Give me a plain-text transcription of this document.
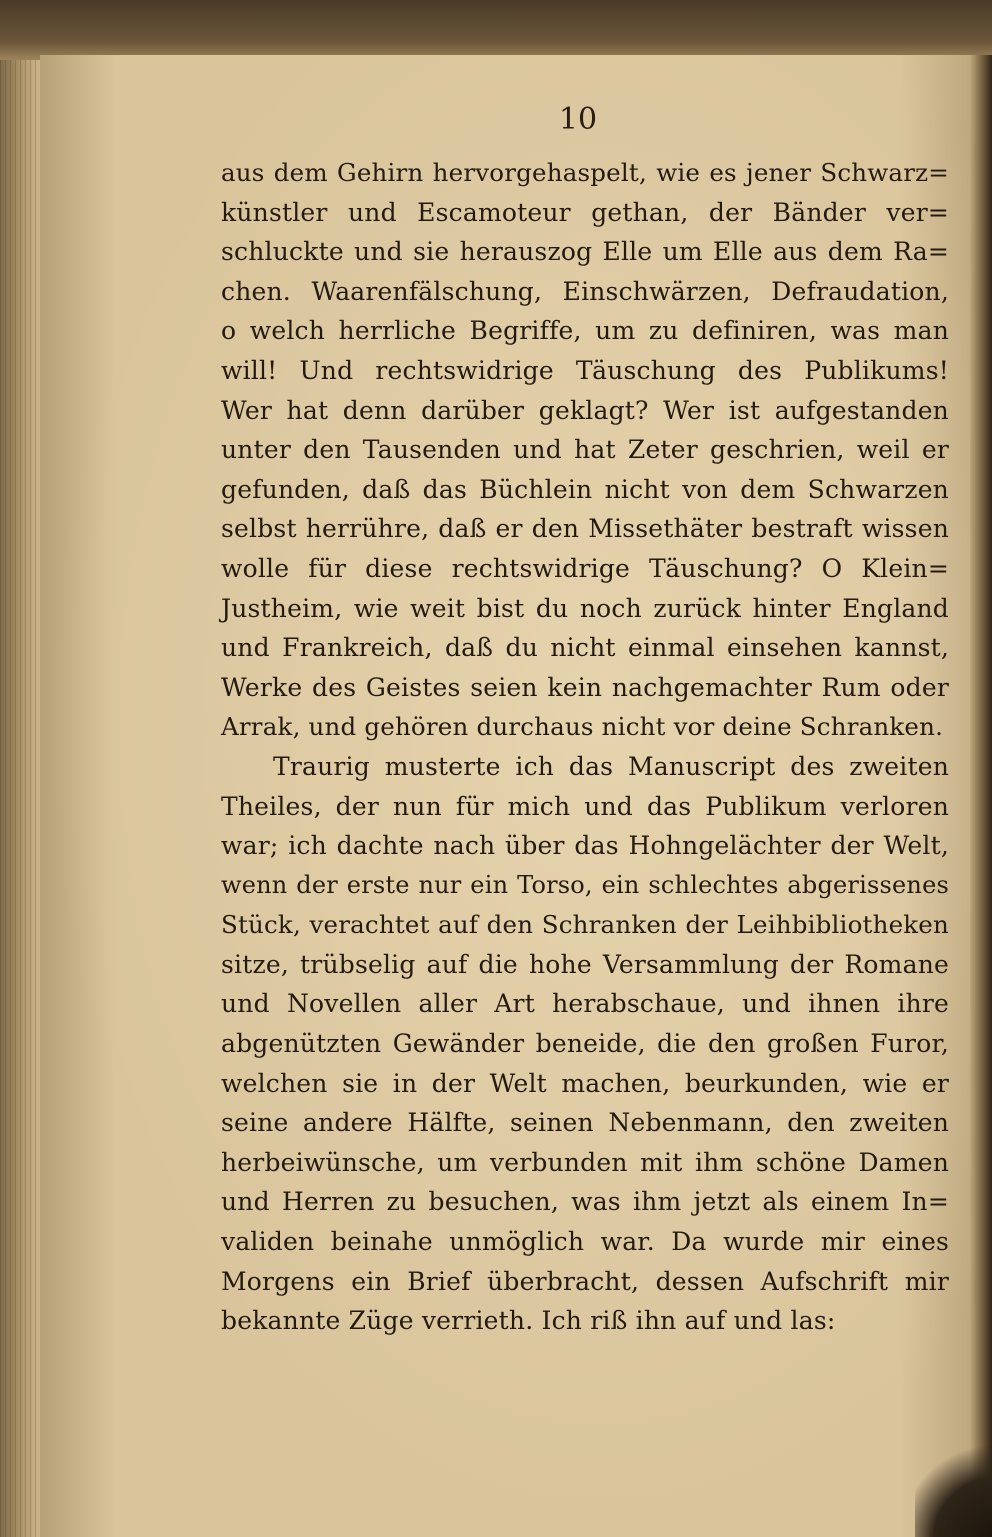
10
aus dem Gehirn hervorgehaspelt, wie es jener Schwarz=
künstler und Escamoteur gethan, der Bänder ver=
schluckte und sie herauszog Elle um Elle aus dem Ra=
chen. Waarenfälschung, Einschwärzen, Defraudation,
o welch herrliche Begriffe, um zu definiren, was man
will! Und rechtswidrige Täuschung des Publikums!
Wer hat denn darüber geklagt? Wer ist aufgestanden
unter den Tausenden und hat Zeter geschrien, weil er
gefunden, daß das Büchlein nicht von dem Schwarzen
selbst herrühre, daß er den Missethäter bestraft wissen
wolle für diese rechtswidrige Täuschung? O Klein=
Justheim, wie weit bist du noch zurück hinter England
und Frankreich, daß du nicht einmal einsehen kannst,
Werke des Geistes seien kein nachgemachter Rum oder
Arrak, und gehören durchaus nicht vor deine Schranken.
Traurig musterte ich das Manuscript des zweiten
Theiles, der nun für mich und das Publikum verloren
war; ich dachte nach über das Hohngelächter der Welt,
wenn der erste nur ein Torso, ein schlechtes abgerissenes
Stück, verachtet auf den Schranken der Leihbibliotheken
sitze, trübselig auf die hohe Versammlung der Romane
und Novellen aller Art herabschaue, und ihnen ihre
abgenützten Gewänder beneide, die den großen Furor,
welchen sie in der Welt machen, beurkunden, wie er
seine andere Hälfte, seinen Nebenmann, den zweiten
herbeiwünsche, um verbunden mit ihm schöne Damen
und Herren zu besuchen, was ihm jetzt als einem In=
validen beinahe unmöglich war. Da wurde mir eines
Morgens ein Brief überbracht, dessen Aufschrift mir
bekannte Züge verrieth. Ich riß ihn auf und las:
